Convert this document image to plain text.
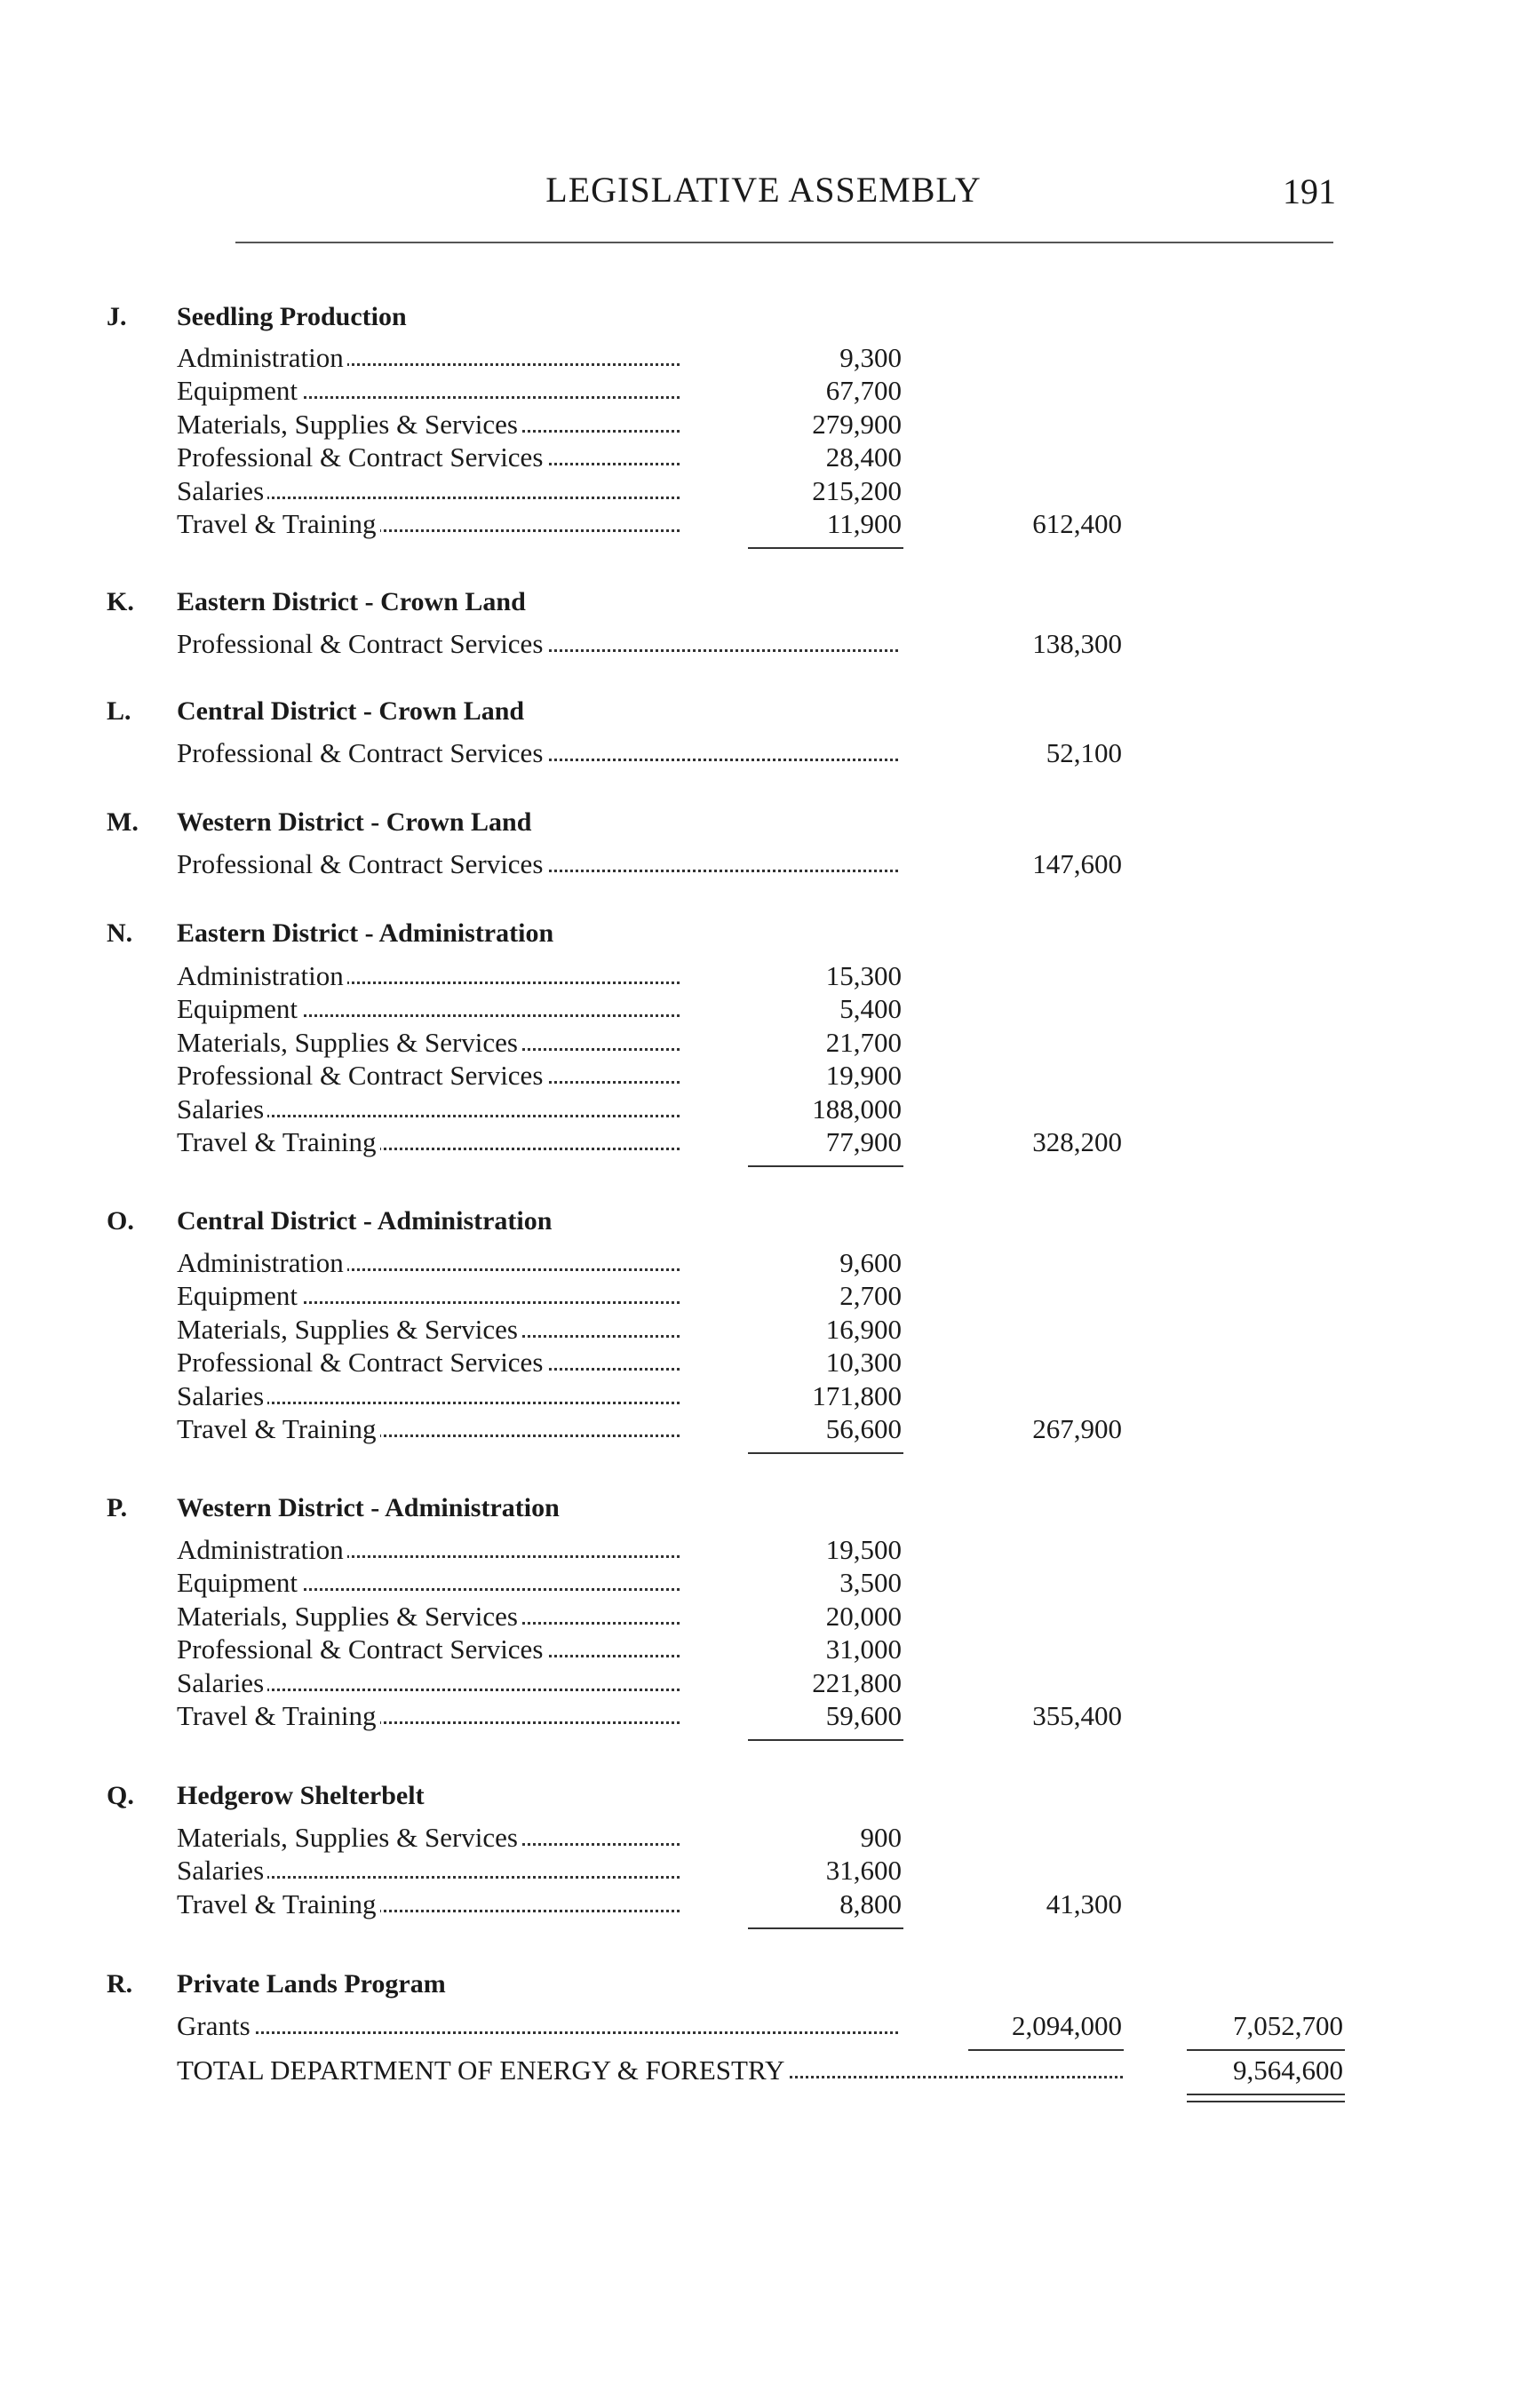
LEGISLATIVE ASSEMBLY	191
J. Seedling Production
Administration	9,300
Equipment	67,700
Materials, Supplies & Services	279,900
Professional & Contract Services	28,400
Salaries	215,200
Travel & Training	11,900	612,400
K. Eastern District - Crown Land
Professional & Contract Services	138,300
L. Central District - Crown Land
Professional & Contract Services	52,100
M. Western District - Crown Land
Professional & Contract Services	147,600
N. Eastern District - Administration
Administration	15,300
Equipment	5,400
Materials, Supplies & Services	21,700
Professional & Contract Services	19,900
Salaries	188,000
Travel & Training	77,900	328,200
O. Central District - Administration
Administration	9,600
Equipment	2,700
Materials, Supplies & Services	16,900
Professional & Contract Services	10,300
Salaries	171,800
Travel & Training	56,600	267,900
P. Western District - Administration
Administration	19,500
Equipment	3,500
Materials, Supplies & Services	20,000
Professional & Contract Services	31,000
Salaries	221,800
Travel & Training	59,600	355,400
Q. Hedgerow Shelterbelt
Materials, Supplies & Services	900
Salaries	31,600
Travel & Training	8,800	41,300
R. Private Lands Program
Grants	2,094,000	7,052,700
TOTAL DEPARTMENT OF ENERGY & FORESTRY	9,564,600
